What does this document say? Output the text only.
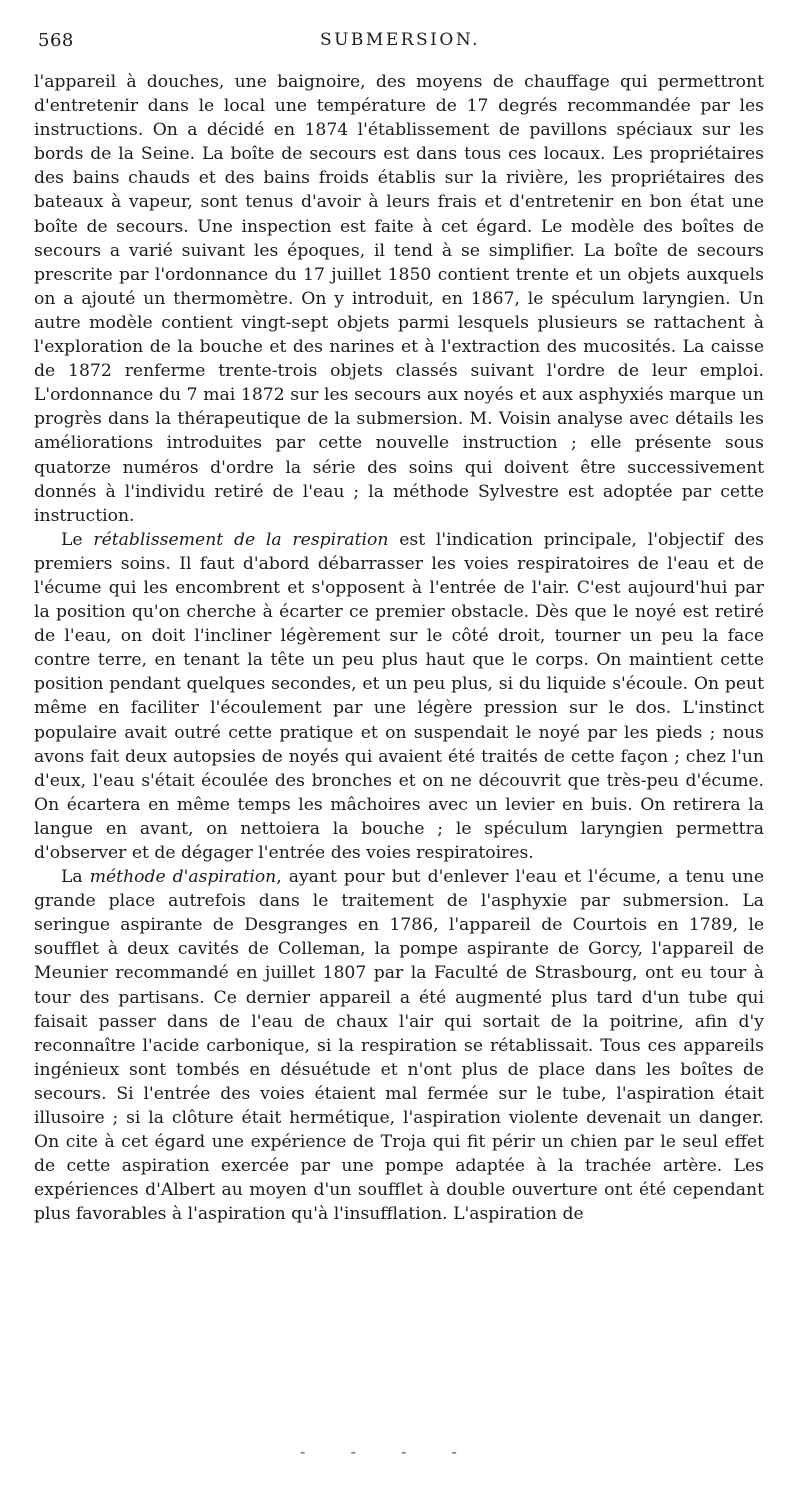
568	SUBMERSION.

l'appareil à douches, une baignoire, des moyens de chauffage qui permettront d'entretenir dans le local une température de 17 degrés recommandée par les instructions. On a décidé en 1874 l'établissement de pavillons spéciaux sur les bords de la Seine. La boîte de secours est dans tous ces locaux. Les propriétaires des bains chauds et des bains froids établis sur la rivière, les propriétaires des bateaux à vapeur, sont tenus d'avoir à leurs frais et d'entretenir en bon état une boîte de secours. Une inspection est faite à cet égard. Le modèle des boîtes de secours a varié suivant les époques, il tend à se simplifier. La boîte de secours prescrite par l'ordonnance du 17 juillet 1850 contient trente et un objets auxquels on a ajouté un thermomètre. On y introduit, en 1867, le spéculum laryngien. Un autre modèle contient vingt-sept objets parmi lesquels plusieurs se rattachent à l'exploration de la bouche et des narines et à l'extraction des mucosités. La caisse de 1872 renferme trente-trois objets classés suivant l'ordre de leur emploi. L'ordonnance du 7 mai 1872 sur les secours aux noyés et aux asphyxiés marque un progrès dans la thérapeutique de la submersion. M. Voisin analyse avec détails les améliorations introduites par cette nouvelle instruction ; elle présente sous quatorze numéros d'ordre la série des soins qui doivent être successivement donnés à l'individu retiré de l'eau ; la méthode Sylvestre est adoptée par cette instruction.

Le rétablissement de la respiration est l'indication principale, l'objectif des premiers soins. Il faut d'abord débarrasser les voies respiratoires de l'eau et de l'écume qui les encombrent et s'opposent à l'entrée de l'air. C'est aujourd'hui par la position qu'on cherche à écarter ce premier obstacle. Dès que le noyé est retiré de l'eau, on doit l'incliner légèrement sur le côté droit, tourner un peu la face contre terre, en tenant la tête un peu plus haut que le corps. On maintient cette position pendant quelques secondes, et un peu plus, si du liquide s'écoule. On peut même en faciliter l'écoulement par une légère pression sur le dos. L'instinct populaire avait outré cette pratique et on suspendait le noyé par les pieds ; nous avons fait deux autopsies de noyés qui avaient été traités de cette façon ; chez l'un d'eux, l'eau s'était écoulée des bronches et on ne découvrit que très-peu d'écume. On écartera en même temps les mâchoires avec un levier en buis. On retirera la langue en avant, on nettoiera la bouche ; le spéculum laryngien permettra d'observer et de dégager l'entrée des voies respiratoires.

La méthode d'aspiration, ayant pour but d'enlever l'eau et l'écume, a tenu une grande place autrefois dans le traitement de l'asphyxie par submersion. La seringue aspirante de Desgranges en 1786, l'appareil de Courtois en 1789, le soufflet à deux cavités de Colleman, la pompe aspirante de Gorcy, l'appareil de Meunier recommandé en juillet 1807 par la Faculté de Strasbourg, ont eu tour à tour des partisans. Ce dernier appareil a été augmenté plus tard d'un tube qui faisait passer dans de l'eau de chaux l'air qui sortait de la poitrine, afin d'y reconnaître l'acide carbonique, si la respiration se rétablissait. Tous ces appareils ingénieux sont tombés en désuétude et n'ont plus de place dans les boîtes de secours. Si l'entrée des voies étaient mal fermée sur le tube, l'aspiration était illusoire ; si la clôture était hermétique, l'aspiration violente devenait un danger. On cite à cet égard une expérience de Troja qui fit périr un chien par le seul effet de cette aspiration exercée par une pompe adaptée à la trachée artère. Les expériences d'Albert au moyen d'un soufflet à double ouverture ont été cependant plus favorables à l'aspiration qu'à l'insufflation. L'aspiration de

- - - -
